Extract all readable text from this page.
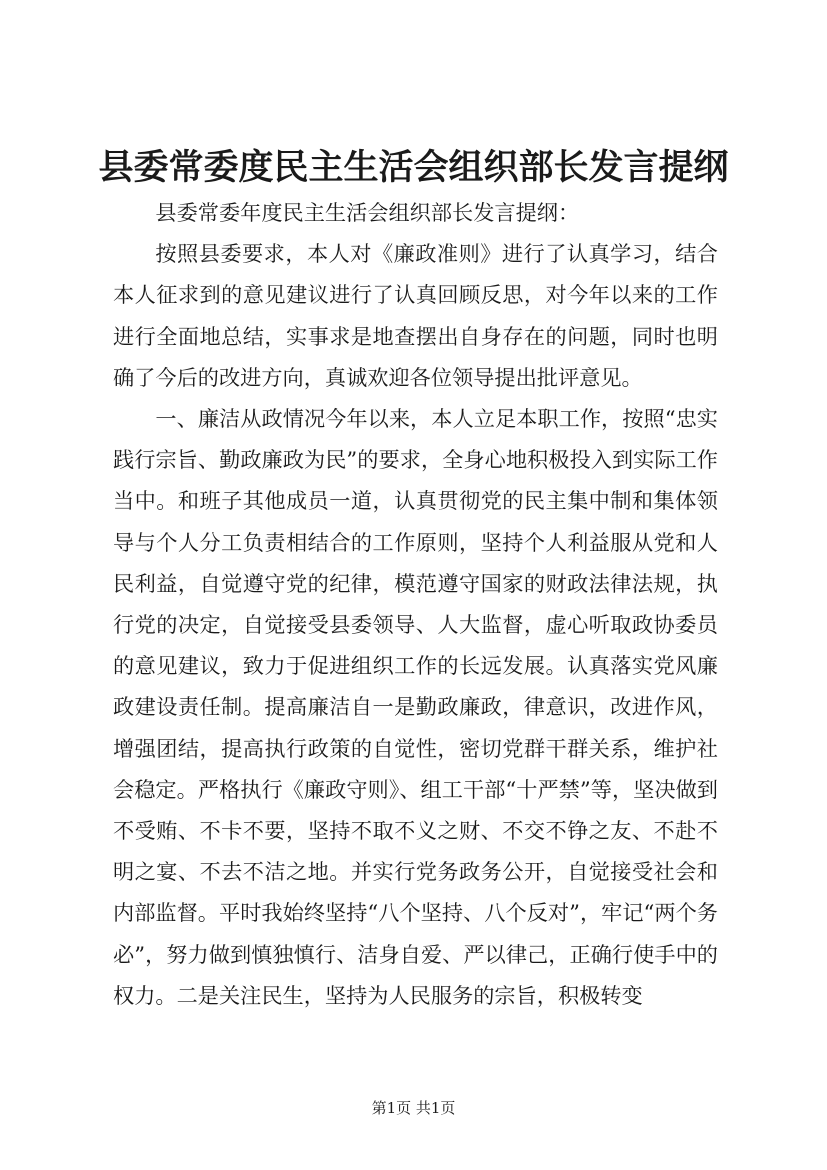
县委常委度民主生活会组织部长发言提纲

县委常委年度民主生活会组织部长发言提纲：

按照县委要求，本人对《廉政准则》进行了认真学习，结合本人征求到的意见建议进行了认真回顾反思，对今年以来的工作进行全面地总结，实事求是地查摆出自身存在的问题，同时也明确了今后的改进方向，真诚欢迎各位领导提出批评意见。

一、廉洁从政情况今年以来，本人立足本职工作，按照“忠实践行宗旨、勤政廉政为民”的要求，全身心地积极投入到实际工作当中。和班子其他成员一道，认真贯彻党的民主集中制和集体领导与个人分工负责相结合的工作原则，坚持个人利益服从党和人民利益，自觉遵守党的纪律，模范遵守国家的财政法律法规，执行党的决定，自觉接受县委领导、人大监督，虚心听取政协委员的意见建议，致力于促进组织工作的长远发展。认真落实党风廉政建设责任制。提高廉洁自一是勤政廉政，律意识，改进作风，增强团结，提高执行政策的自觉性，密切党群干群关系，维护社会稳定。严格执行《廉政守则》、组工干部“十严禁”等，坚决做到不受贿、不卡不要，坚持不取不义之财、不交不铮之友、不赴不明之宴、不去不洁之地。并实行党务政务公开，自觉接受社会和内部监督。平时我始终坚持“八个坚持、八个反对”，牢记“两个务必”，努力做到慎独慎行、洁身自爱、严以律己，正确行使手中的权力。二是关注民生，坚持为人民服务的宗旨，积极转变

第1页 共1页
